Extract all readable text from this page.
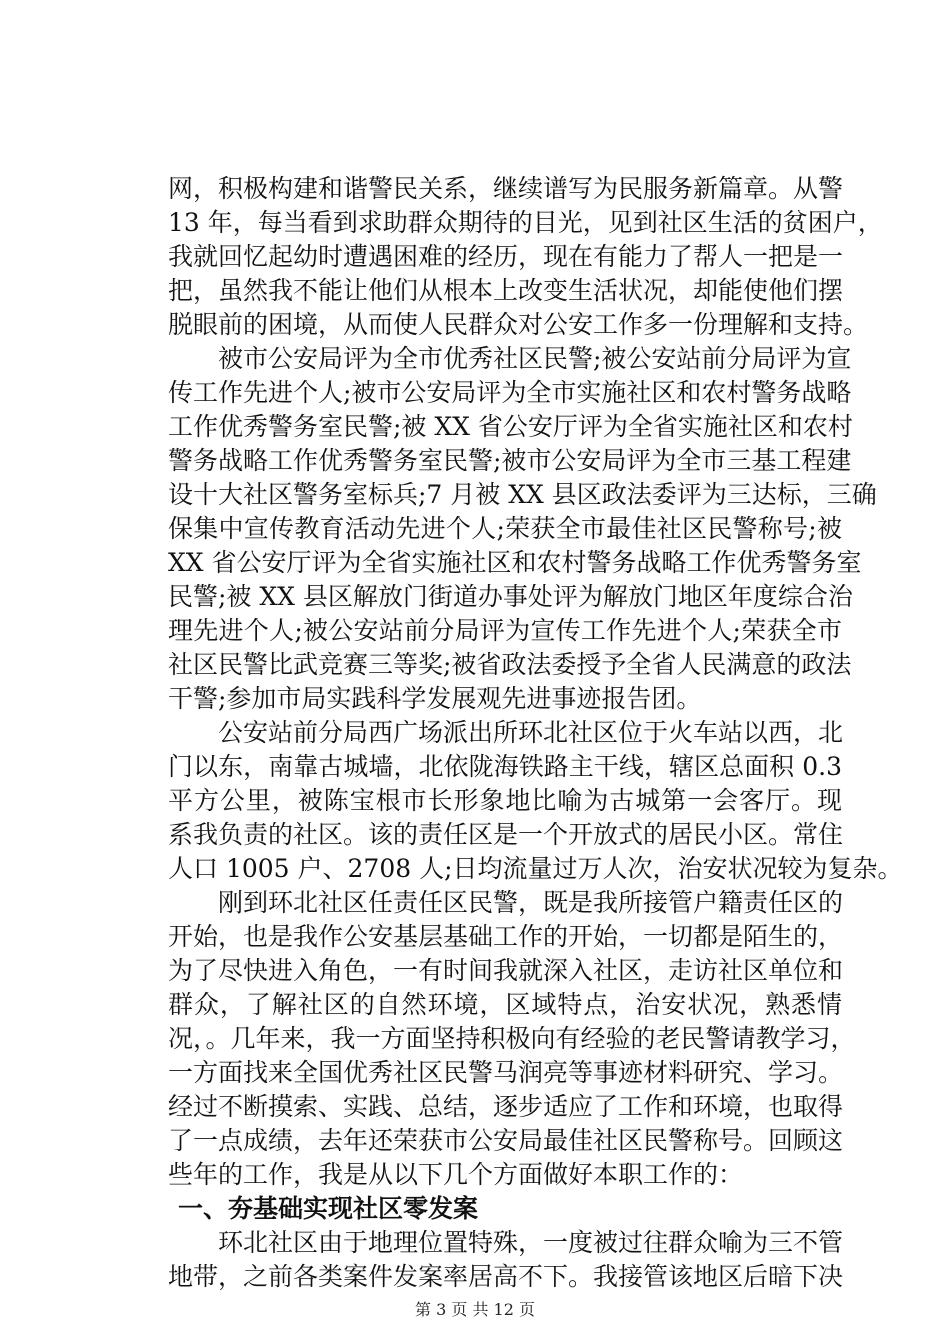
网，积极构建和谐警民关系，继续谱写为民服务新篇章。从警
13 年，每当看到求助群众期待的目光，见到社区生活的贫困户，
我就回忆起幼时遭遇困难的经历，现在有能力了帮人一把是一
把，虽然我不能让他们从根本上改变生活状况，却能使他们摆
脱眼前的困境，从而使人民群众对公安工作多一份理解和支持。
被市公安局评为全市优秀社区民警;被公安站前分局评为宣
传工作先进个人;被市公安局评为全市实施社区和农村警务战略
工作优秀警务室民警;被 XX 省公安厅评为全省实施社区和农村
警务战略工作优秀警务室民警;被市公安局评为全市三基工程建
设十大社区警务室标兵;7 月被 XX 县区政法委评为三达标，三确
保集中宣传教育活动先进个人;荣获全市最佳社区民警称号;被
XX 省公安厅评为全省实施社区和农村警务战略工作优秀警务室
民警;被 XX 县区解放门街道办事处评为解放门地区年度综合治
理先进个人;被公安站前分局评为宣传工作先进个人;荣获全市
社区民警比武竞赛三等奖;被省政法委授予全省人民满意的政法
干警;参加市局实践科学发展观先进事迹报告团。
公安站前分局西广场派出所环北社区位于火车站以西，北
门以东，南靠古城墙，北依陇海铁路主干线，辖区总面积 0.3
平方公里，被陈宝根市长形象地比喻为古城第一会客厅。现
系我负责的社区。该的责任区是一个开放式的居民小区。常住
人口 1005 户、2708 人;日均流量过万人次，治安状况较为复杂。
刚到环北社区任责任区民警，既是我所接管户籍责任区的
开始，也是我作公安基层基础工作的开始，一切都是陌生的，
为了尽快进入角色，一有时间我就深入社区，走访社区单位和
群众，了解社区的自然环境，区域特点，治安状况，熟悉情
况，。几年来，我一方面坚持积极向有经验的老民警请教学习，
一方面找来全国优秀社区民警马润亮等事迹材料研究、学习。
经过不断摸索、实践、总结，逐步适应了工作和环境，也取得
了一点成绩，去年还荣获市公安局最佳社区民警称号。回顾这
些年的工作，我是从以下几个方面做好本职工作的：
一、夯基础实现社区零发案
环北社区由于地理位置特殊，一度被过往群众喻为三不管
地带，之前各类案件发案率居高不下。我接管该地区后暗下决
第 3 页 共 12 页
